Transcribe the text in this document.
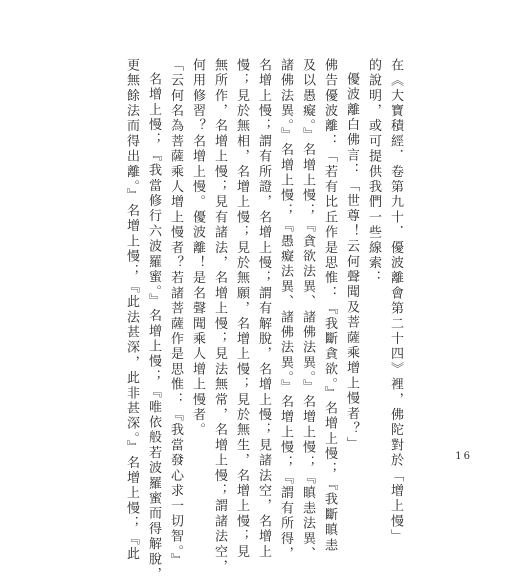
在《大寶積經．卷第九十．優波離會第二十四》裡，佛陀對於「增上慢」
的說明，或可提供我們一些線索：
優波離白佛言：「世尊！云何聲聞及菩薩乘增上慢者？」
佛告優波離：「若有比丘作是思惟：『我斷貪欲。』名增上慢；『我斷瞋恚
及以愚癡。』名增上慢；『貪欲法異、諸佛法異。』名增上慢；『瞋恚法異、
諸佛法異。』名增上慢；『愚癡法異、諸佛法異。』名增上慢；『謂有所得，
名增上慢；謂有所證，名增上慢；謂有解脫，名增上慢；見諸法空，名增上
慢；見於無相，名增上慢；見於無願，名增上慢；見於無生，名增上慢；見
無所作，名增上慢；見有諸法，名增上慢；見法無常，名增上慢；謂諸法空，
何用修習？名增上慢。優波離！是名聲聞乘人增上慢者。
「云何名為菩薩乘人增上慢者？若諸菩薩作是思惟：『我當發心求一切智。』
名增上慢；『我當修行六波羅蜜。』名增上慢；『唯依般若波羅蜜而得解脫，
更無餘法而得出離。』名增上慢；『此法甚深，此非甚深。』名增上慢；『此	16
